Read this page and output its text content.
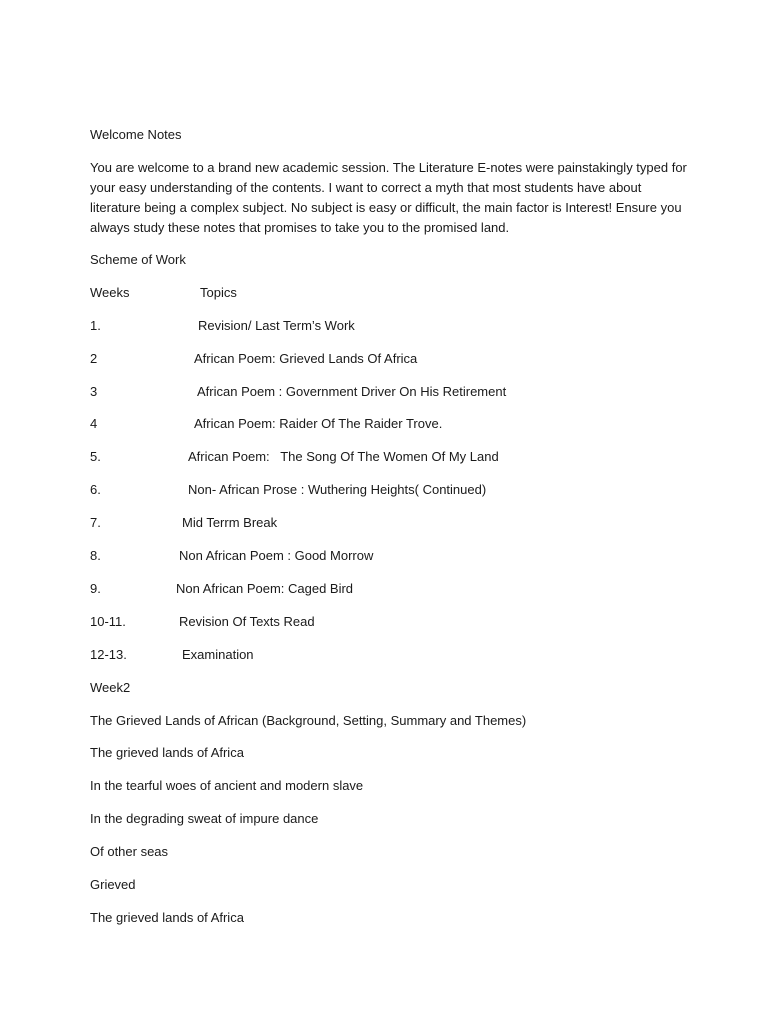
Welcome Notes
You are welcome to a brand new academic session. The Literature E-notes were painstakingly typed for
your easy understanding of the contents. I want to correct a myth that most students have about
literature being a complex subject. No subject is easy or difficult, the main factor is Interest! Ensure you
always study these notes that promises to take you to the promised land.
Scheme of Work
Weeks	Topics
1.	Revision/ Last Term’s Work
2	African Poem: Grieved Lands Of Africa
3	African Poem : Government Driver On His Retirement
4	African Poem: Raider Of The Raider Trove.
5.	African Poem:   The Song Of The Women Of My Land
6.	Non- African Prose : Wuthering Heights( Continued)
7.	Mid Terrm Break
8.	Non African Poem : Good Morrow
9.	Non African Poem: Caged Bird
10-11.	Revision Of Texts Read
12-13.	Examination
Week2
The Grieved Lands of African (Background, Setting, Summary and Themes)
The grieved lands of Africa
In the tearful woes of ancient and modern slave
In the degrading sweat of impure dance
Of other seas
Grieved
The grieved lands of Africa
